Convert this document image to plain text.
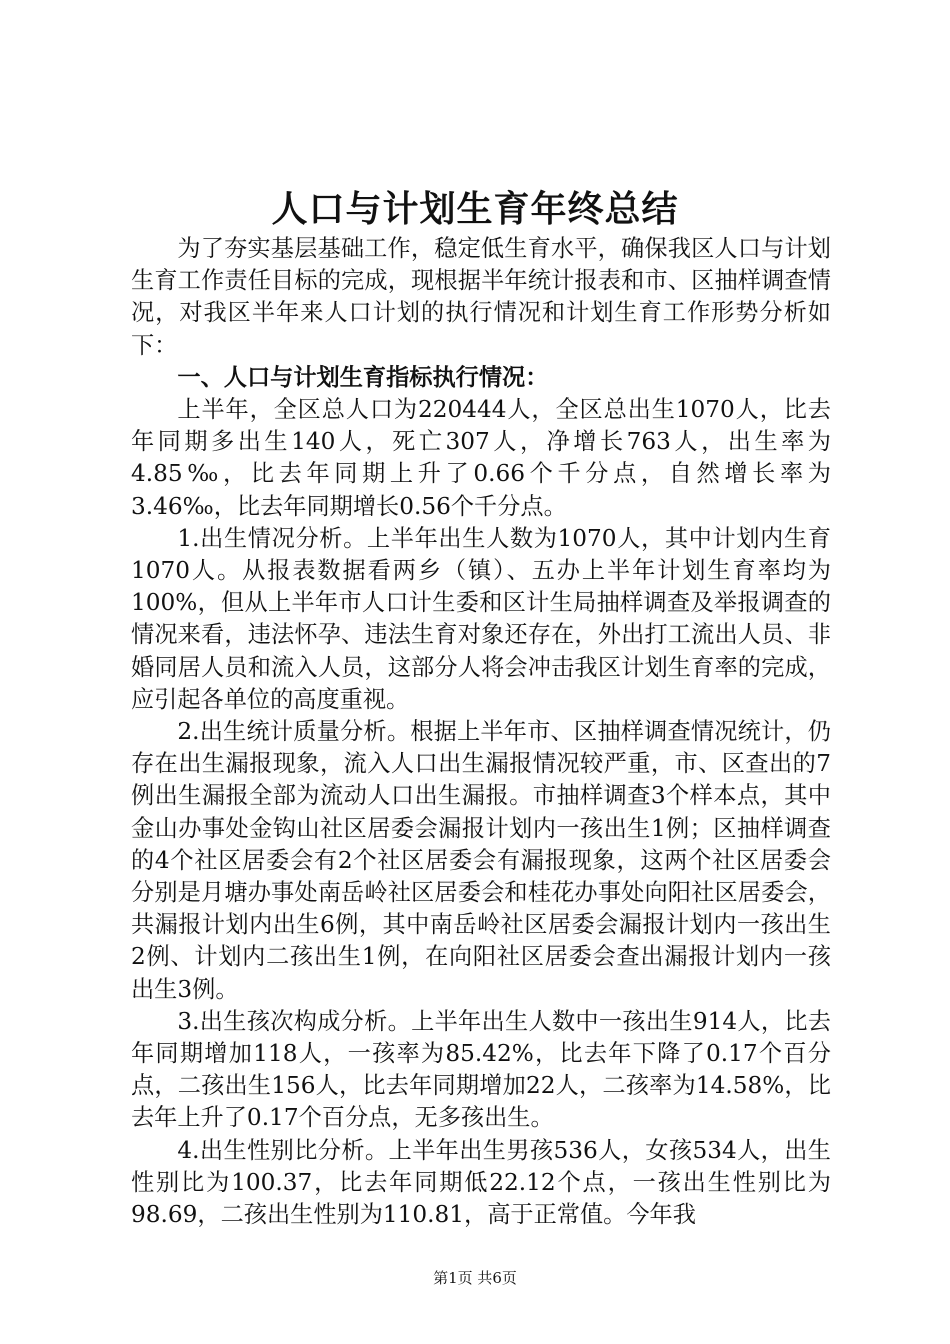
人口与计划生育年终总结

为了夯实基层基础工作，稳定低生育水平，确保我区人口与计划生育工作责任目标的完成，现根据半年统计报表和市、区抽样调查情况，对我区半年来人口计划的执行情况和计划生育工作形势分析如下：

一、人口与计划生育指标执行情况：

上半年，全区总人口为220444人，全区总出生1070人，比去年同期多出生140人，死亡307人，净增长763人，出生率为4.85‰，比去年同期上升了0.66个千分点，自然增长率为3.46‰，比去年同期增长0.56个千分点。

1.出生情况分析。上半年出生人数为1070人，其中计划内生育1070人。从报表数据看两乡（镇）、五办上半年计划生育率均为100%，但从上半年市人口计生委和区计生局抽样调查及举报调查的情况来看，违法怀孕、违法生育对象还存在，外出打工流出人员、非婚同居人员和流入人员，这部分人将会冲击我区计划生育率的完成，应引起各单位的高度重视。

2.出生统计质量分析。根据上半年市、区抽样调查情况统计，仍存在出生漏报现象，流入人口出生漏报情况较严重，市、区查出的7例出生漏报全部为流动人口出生漏报。市抽样调查3个样本点，其中金山办事处金钩山社区居委会漏报计划内一孩出生1例；区抽样调查的4个社区居委会有2个社区居委会有漏报现象，这两个社区居委会分别是月塘办事处南岳岭社区居委会和桂花办事处向阳社区居委会，共漏报计划内出生6例，其中南岳岭社区居委会漏报计划内一孩出生2例、计划内二孩出生1例，在向阳社区居委会查出漏报计划内一孩出生3例。

3.出生孩次构成分析。上半年出生人数中一孩出生914人，比去年同期增加118人，一孩率为85.42%，比去年下降了0.17个百分点，二孩出生156人，比去年同期增加22人，二孩率为14.58%，比去年上升了0.17个百分点，无多孩出生。

4.出生性别比分析。上半年出生男孩536人，女孩534人，出生性别比为100.37，比去年同期低22.12个点，一孩出生性别比为98.69，二孩出生性别为110.81，高于正常值。今年我

第1页 共6页
